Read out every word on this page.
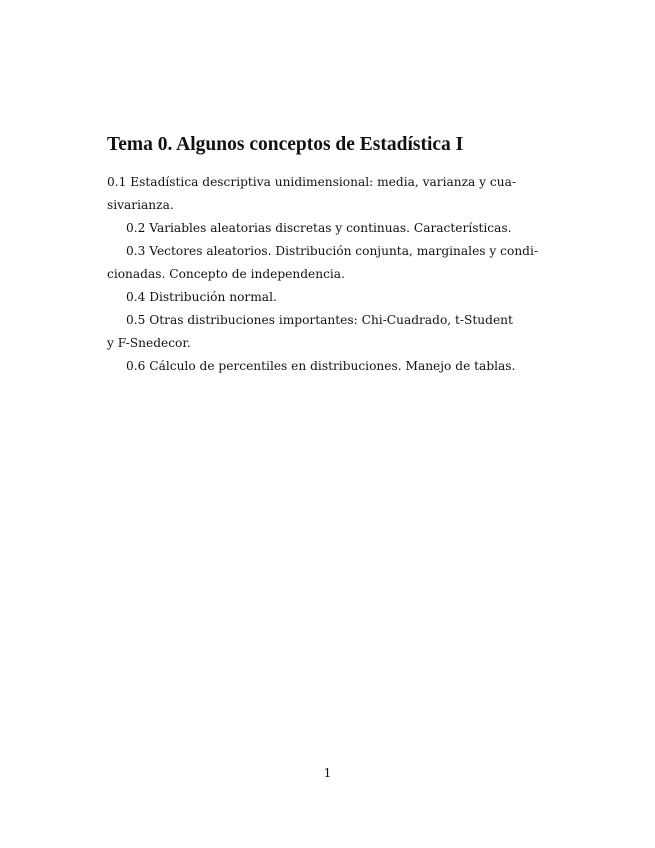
Tema 0. Algunos conceptos de Estadística I
0.1 Estadística descriptiva unidimensional: media, varianza y cua-
sivarianza.
0.2 Variables aleatorias discretas y continuas. Características.
0.3 Vectores aleatorios. Distribución conjunta, marginales y condi-
cionadas. Concepto de independencia.
0.4 Distribución normal.
0.5 Otras distribuciones importantes: Chi-Cuadrado, t-Student
y F-Snedecor.
0.6 Cálculo de percentiles en distribuciones. Manejo de tablas.
1
